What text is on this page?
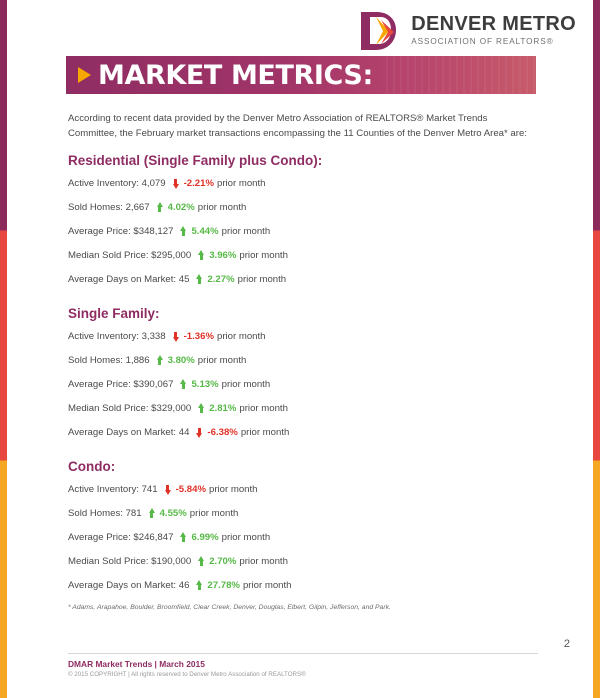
DENVER METRO
ASSOCIATION OF REALTORS®
MARKET METRICS:

According to recent data provided by the Denver Metro Association of REALTORS® Market Trends Committee, the February market transactions encompassing the 11 Counties of the Denver Metro Area* are:

Residential (Single Family plus Condo):
Active Inventory: 4,079 -2.21% prior month
Sold Homes: 2,667 4.02% prior month
Average Price: $348,127 5.44% prior month
Median Sold Price: $295,000 3.96% prior month
Average Days on Market: 45 2.27% prior month
Single Family:
Active Inventory: 3,338 -1.36% prior month
Sold Homes: 1,886 3.80% prior month
Average Price: $390,067 5.13% prior month
Median Sold Price: $329,000 2.81% prior month
Average Days on Market: 44 -6.38% prior month
Condo:
Active Inventory: 741 -5.84% prior month
Sold Homes: 781 4.55% prior month
Average Price: $246,847 6.99% prior month
Median Sold Price: $190,000 2.70% prior month
Average Days on Market: 46 27.78% prior month
* Adams, Arapahoe, Boulder, Broomfield, Clear Creek, Denver, Douglas, Elbert, Gilpin, Jefferson, and Park.
2
DMAR Market Trends | March 2015
© 2015 COPYRIGHT | All rights reserved to Denver Metro Association of REALTORS®
